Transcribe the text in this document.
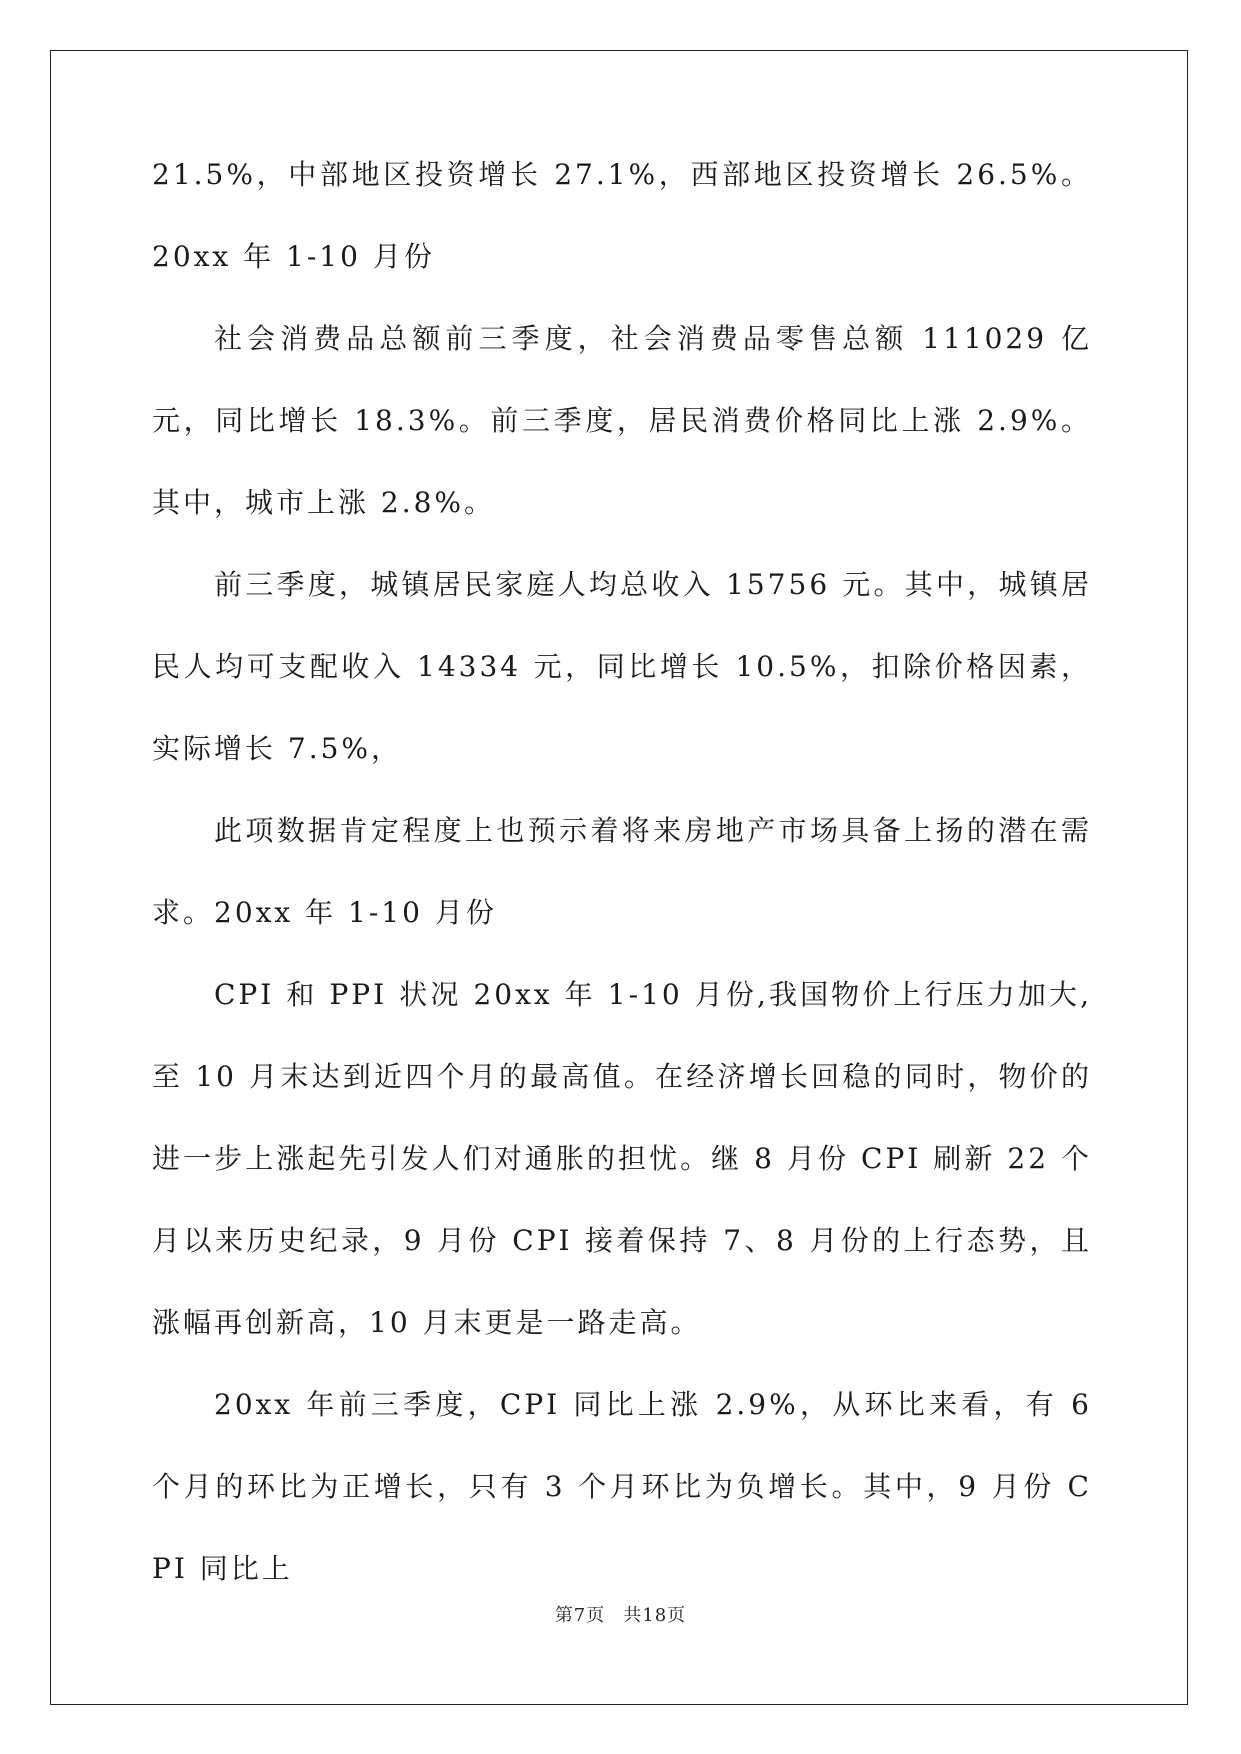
21.5%，中部地区投资增长 27.1%，西部地区投资增长 26.5%。20xx 年 1-10 月份

社会消费品总额前三季度，社会消费品零售总额 111029 亿元，同比增长 18.3%。前三季度，居民消费价格同比上涨 2.9%。其中，城市上涨 2.8%。

前三季度，城镇居民家庭人均总收入 15756 元。其中，城镇居民人均可支配收入 14334 元，同比增长 10.5%，扣除价格因素，实际增长 7.5%，

此项数据肯定程度上也预示着将来房地产市场具备上扬的潜在需求。20xx 年 1-10 月份

CPI 和 PPI 状况 20xx 年 1-10 月份,我国物价上行压力加大,至 10 月末达到近四个月的最高值。在经济增长回稳的同时，物价的进一步上涨起先引发人们对通胀的担忧。继 8 月份 CPI 刷新 22 个月以来历史纪录，9 月份 CPI 接着保持 7、8 月份的上行态势，且涨幅再创新高，10 月末更是一路走高。

20xx 年前三季度，CPI 同比上涨 2.9%，从环比来看，有 6 个月的环比为正增长，只有 3 个月环比为负增长。其中，9 月份 CPI 同比上

第7页 共18页
